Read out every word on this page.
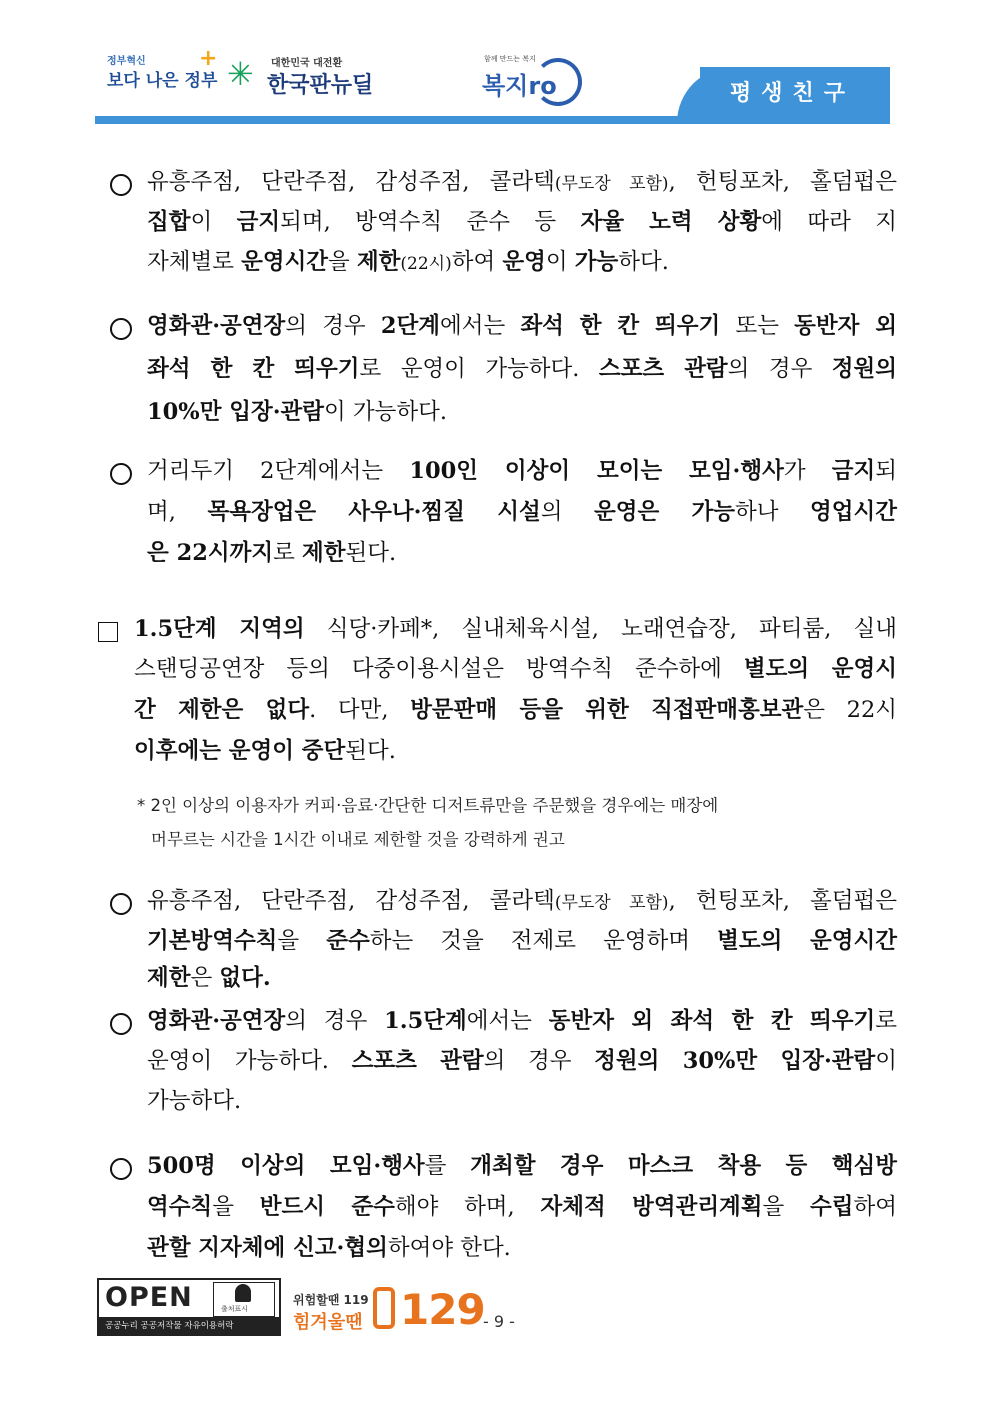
정부혁신
보다 나은 정부
+ ✳ 대한민국 대전환
한국판뉴딜
함께 만드는 복지
복지ro	평생친구
유흥주점, 단란주점, 감성주점, 콜라텍(무도장 포함), 헌팅포차, 홀덤펍은
집합이 금지되며, 방역수칙 준수 등 자율 노력 상황에 따라 지
자체별로 운영시간을 제한(22시)하여 운영이 가능하다.
영화관·공연장의 경우 2단계에서는 좌석 한 칸 띄우기 또는 동반자 외
좌석 한 칸 띄우기로 운영이 가능하다. 스포츠 관람의 경우 정원의
10%만 입장·관람이 가능하다.
거리두기 2단계에서는 100인 이상이 모이는 모임·행사가 금지되
며, 목욕장업은 사우나·찜질 시설의 운영은 가능하나 영업시간
은 22시까지로 제한된다.
1.5단계 지역의 식당·카페*, 실내체육시설, 노래연습장, 파티룸, 실내
스탠딩공연장 등의 다중이용시설은 방역수칙 준수하에 별도의 운영시
간 제한은 없다. 다만, 방문판매 등을 위한 직접판매홍보관은 22시
이후에는 운영이 중단된다.
* 2인 이상의 이용자가 커피·음료·간단한 디저트류만을 주문했을 경우에는 매장에
머무르는 시간을 1시간 이내로 제한할 것을 강력하게 권고
유흥주점, 단란주점, 감성주점, 콜라텍(무도장 포함), 헌팅포차, 홀덤펍은
기본방역수칙을 준수하는 것을 전제로 운영하며 별도의 운영시간
제한은 없다.
영화관·공연장의 경우 1.5단계에서는 동반자 외 좌석 한 칸 띄우기로
운영이 가능하다. 스포츠 관람의 경우 정원의 30%만 입장·관람이
가능하다.
500명 이상의 모임·행사를 개최할 경우 마스크 착용 등 핵심방
역수칙을 반드시 준수해야 하며, 자체적 방역관리계획을 수립하여
관할 지자체에 신고·협의하여야 한다.
OPEN	출처표시
공공누리 공공저작물 자유이용허락
위험할땐 119
힘겨울땐 129
- 9 -
